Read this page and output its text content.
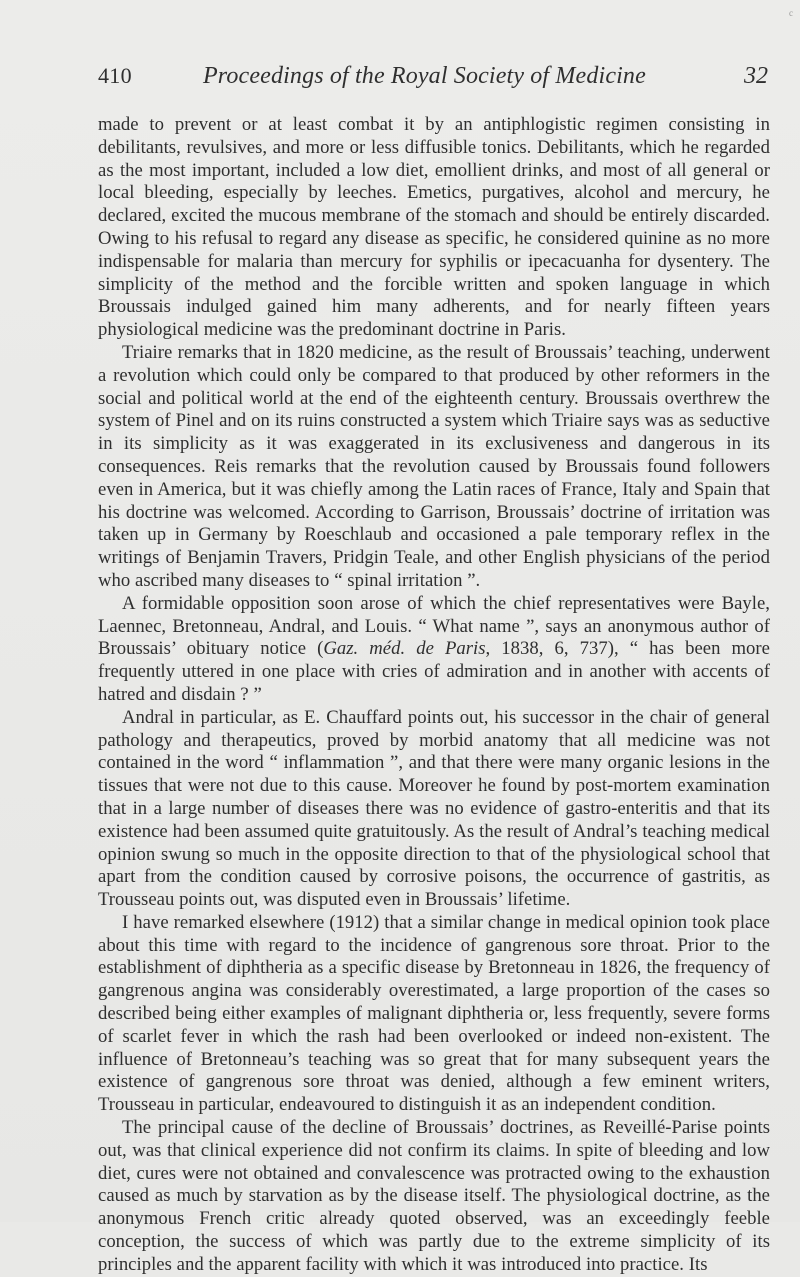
410	Proceedings of the Royal Society of Medicine	32
c

made to prevent or at least combat it by an antiphlogistic regimen consisting in debilitants, revulsives, and more or less diffusible tonics. Debilitants, which he regarded as the most important, included a low diet, emollient drinks, and most of all general or local bleeding, especially by leeches. Emetics, purgatives, alcohol and mercury, he declared, excited the mucous membrane of the stomach and should be entirely discarded. Owing to his refusal to regard any disease as specific, he considered quinine as no more indispensable for malaria than mercury for syphilis or ipecacuanha for dysentery. The simplicity of the method and the forcible written and spoken language in which Broussais indulged gained him many adherents, and for nearly fifteen years physiological medicine was the predominant doctrine in Paris.

Triaire remarks that in 1820 medicine, as the result of Broussais’ teaching, underwent a revolution which could only be compared to that produced by other reformers in the social and political world at the end of the eighteenth century. Broussais overthrew the system of Pinel and on its ruins constructed a system which Triaire says was as seductive in its simplicity as it was exaggerated in its exclusiveness and dangerous in its consequences. Reis remarks that the revolution caused by Broussais found followers even in America, but it was chiefly among the Latin races of France, Italy and Spain that his doctrine was welcomed. According to Garrison, Broussais’ doctrine of irritation was taken up in Germany by Roeschlaub and occasioned a pale temporary reflex in the writings of Benjamin Travers, Pridgin Teale, and other English physicians of the period who ascribed many diseases to “ spinal irritation ”.

A formidable opposition soon arose of which the chief representatives were Bayle, Laennec, Bretonneau, Andral, and Louis. “ What name ”, says an anonymous author of Broussais’ obituary notice (Gaz. méd. de Paris, 1838, 6, 737), “ has been more frequently uttered in one place with cries of admiration and in another with accents of hatred and disdain ? ”

Andral in particular, as E. Chauffard points out, his successor in the chair of general pathology and therapeutics, proved by morbid anatomy that all medicine was not contained in the word “ inflammation ”, and that there were many organic lesions in the tissues that were not due to this cause. Moreover he found by post-mortem examination that in a large number of diseases there was no evidence of gastro-enteritis and that its existence had been assumed quite gratuitously. As the result of Andral’s teaching medical opinion swung so much in the opposite direction to that of the physiological school that apart from the condition caused by corrosive poisons, the occurrence of gastritis, as Trousseau points out, was disputed even in Broussais’ lifetime.

I have remarked elsewhere (1912) that a similar change in medical opinion took place about this time with regard to the incidence of gangrenous sore throat. Prior to the establishment of diphtheria as a specific disease by Bretonneau in 1826, the frequency of gangrenous angina was considerably overestimated, a large proportion of the cases so described being either examples of malignant diphtheria or, less frequently, severe forms of scarlet fever in which the rash had been overlooked or indeed non-existent. The influence of Bretonneau’s teaching was so great that for many subsequent years the existence of gangrenous sore throat was denied, although a few eminent writers, Trousseau in particular, endeavoured to distinguish it as an independent condition.

The principal cause of the decline of Broussais’ doctrines, as Reveillé-Parise points out, was that clinical experience did not confirm its claims. In spite of bleeding and low diet, cures were not obtained and convalescence was protracted owing to the exhaustion caused as much by starvation as by the disease itself. The physiological doctrine, as the anonymous French critic already quoted observed, was an exceedingly feeble conception, the success of which was partly due to the extreme simplicity of its principles and the apparent facility with which it was introduced into practice. Its
